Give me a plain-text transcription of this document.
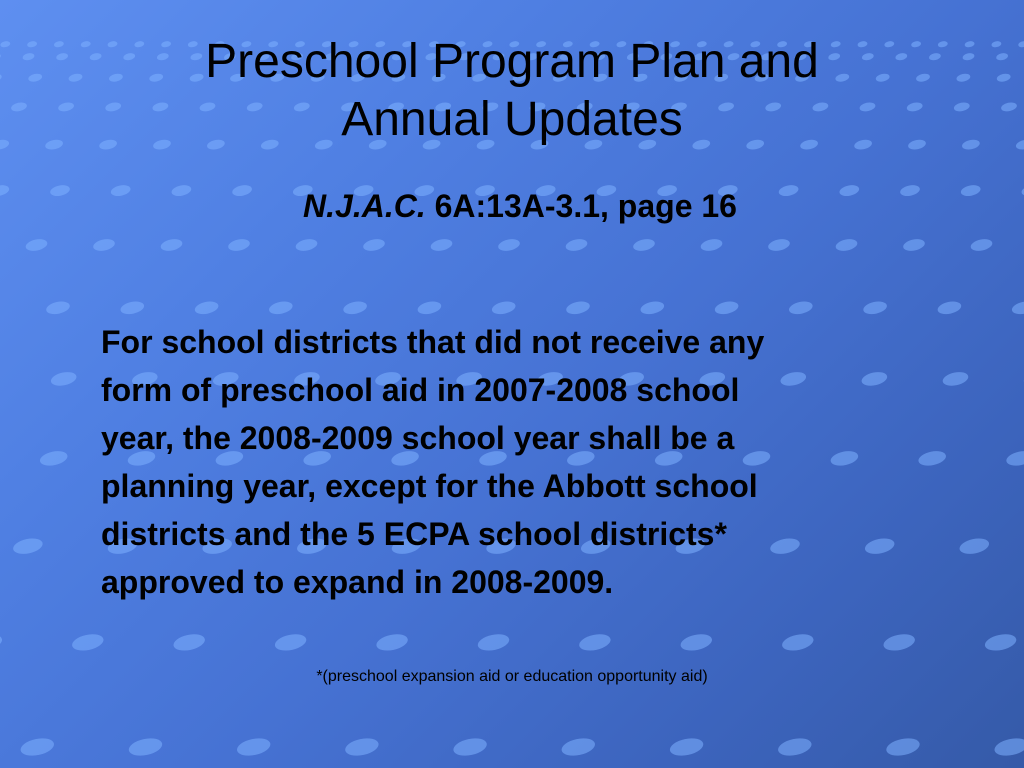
Preschool Program Plan and
Annual Updates
N.J.A.C. 6A:13A-3.1, page 16
For school districts that did not receive any
form of preschool aid in 2007-2008 school
year, the 2008-2009 school year shall be a
planning year, except for the Abbott school
districts and the 5 ECPA school districts*
approved to expand in 2008-2009.
*(preschool expansion aid or education opportunity aid)
